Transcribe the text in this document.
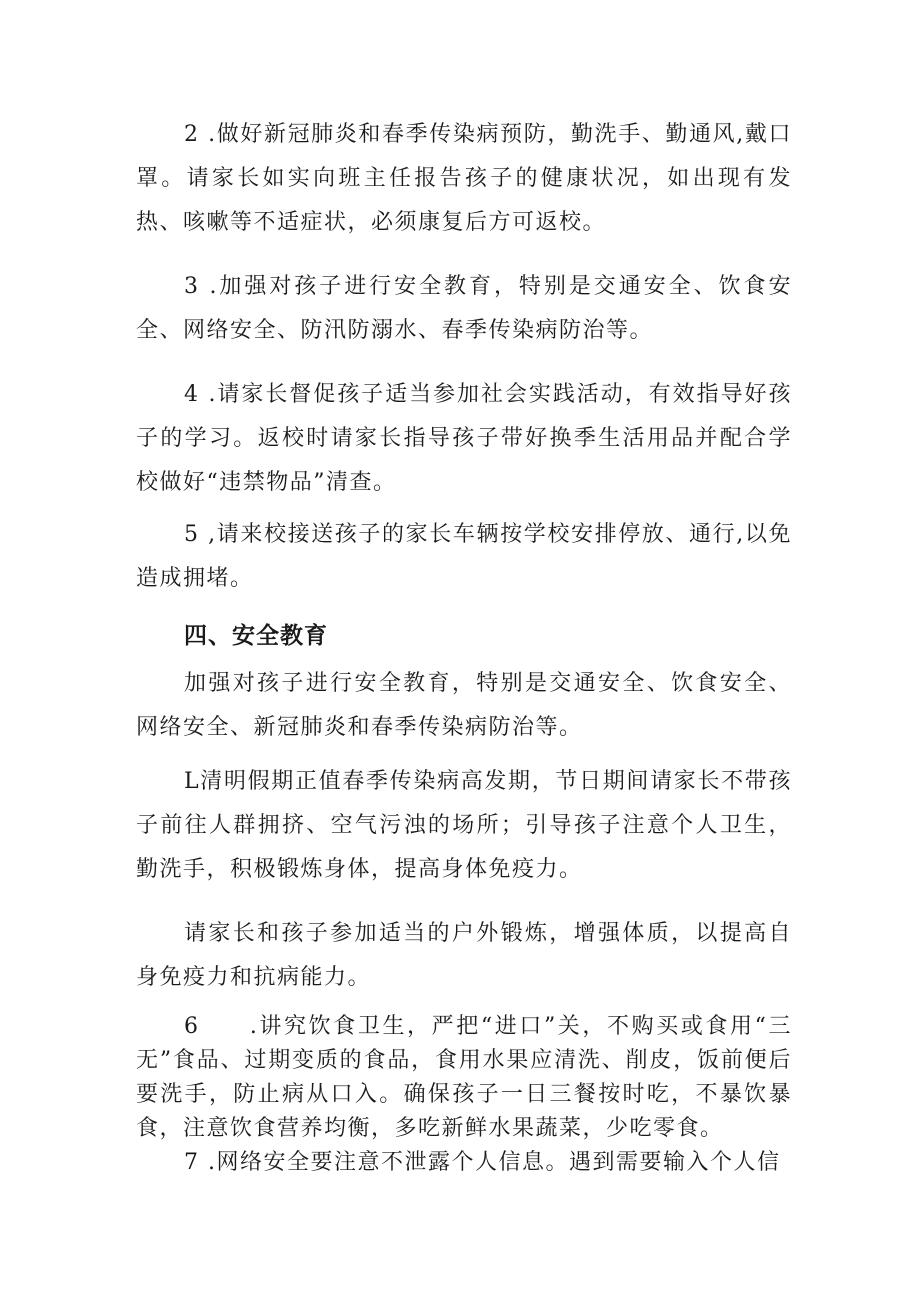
2 .做好新冠肺炎和春季传染病预防，勤洗手、勤通风,戴口罩。请家长如实向班主任报告孩子的健康状况，如出现有发热、咳嗽等不适症状，必须康复后方可返校。

3 .加强对孩子进行安全教育，特别是交通安全、饮食安全、网络安全、防汛防溺水、春季传染病防治等。

4 .请家长督促孩子适当参加社会实践活动，有效指导好孩子的学习。返校时请家长指导孩子带好换季生活用品并配合学校做好“违禁物品”清查。

5 ,请来校接送孩子的家长车辆按学校安排停放、通行,以免造成拥堵。

四、安全教育

加强对孩子进行安全教育，特别是交通安全、饮食安全、网络安全、新冠肺炎和春季传染病防治等。

L清明假期正值春季传染病高发期，节日期间请家长不带孩子前往人群拥挤、空气污浊的场所；引导孩子注意个人卫生，勤洗手，积极锻炼身体，提高身体免疫力。

请家长和孩子参加适当的户外锻炼，增强体质，以提高自身免疫力和抗病能力。

6　　.讲究饮食卫生，严把“进口”关，不购买或食用“三无”食品、过期变质的食品，食用水果应清洗、削皮，饭前便后要洗手，防止病从口入。确保孩子一日三餐按时吃，不暴饮暴食，注意饮食营养均衡，多吃新鲜水果蔬菜，少吃零食。

7 .网络安全要注意不泄露个人信息。遇到需要输入个人信
